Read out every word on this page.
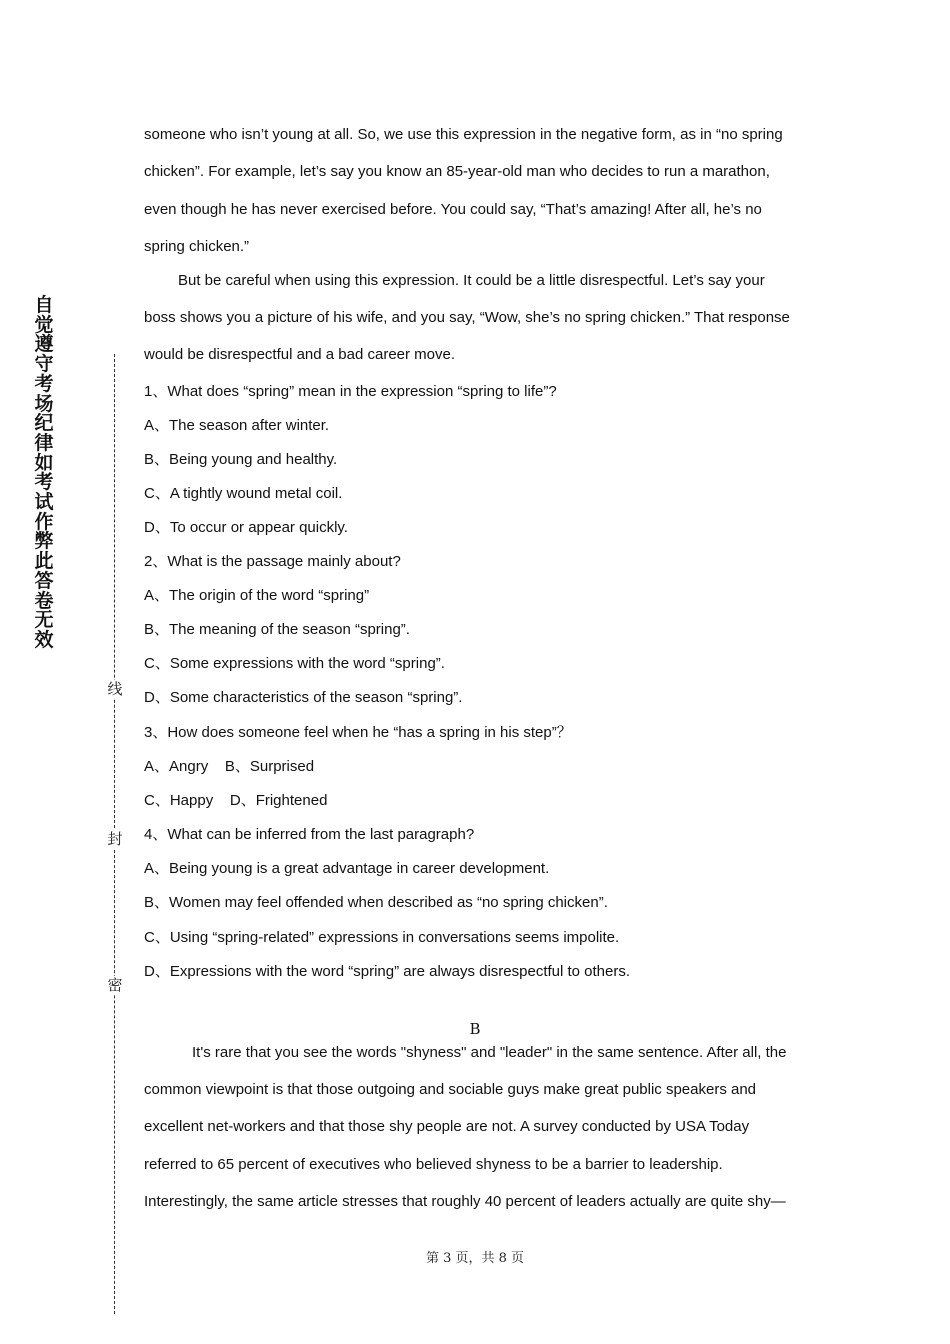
自
觉
遵
守
考
场
纪
律
如
考
试
作
弊
此
答
卷
无
效
线
封
密
someone who isn’t young at all. So, we use this expression in the negative form, as in “no spring
chicken”. For example, let’s say you know an 85-year-old man who decides to run a marathon,
even though he has never exercised before. You could say, “That’s amazing! After all, he’s no
spring chicken.”
But be careful when using this expression. It could be a little disrespectful. Let’s say your
boss shows you a picture of his wife, and you say, “Wow, she’s no spring chicken.” That response
would be disrespectful and a bad career move.
1、What does “spring” mean in the expression “spring to life”?
A、The season after winter.
B、Being young and healthy.
C、A tightly wound metal coil.
D、To occur or appear quickly.
2、What is the passage mainly about?
A、The origin of the word “spring”
B、The meaning of the season “spring”.
C、Some expressions with the word “spring”.
D、Some characteristics of the season “spring”.
3、How does someone feel when he “has a spring in his step”？
A、Angry    B、Surprised
C、Happy    D、Frightened
4、What can be inferred from the last paragraph?
A、Being young is a great advantage in career development.
B、Women may feel offended when described as “no spring chicken”.
C、Using “spring-related” expressions in conversations seems impolite.
D、Expressions with the word “spring” are always disrespectful to others.
It's rare that you see the words "shyness" and "leader" in the same sentence. After all, the
common viewpoint is that those outgoing and sociable guys make great public speakers and
excellent net-workers and that those shy people are not. A survey conducted by USA Today
referred to 65 percent of executives who believed shyness to be a barrier to leadership.
Interestingly, the same article stresses that roughly 40 percent of leaders actually are quite shy—
B
第 3 页，共 8 页
